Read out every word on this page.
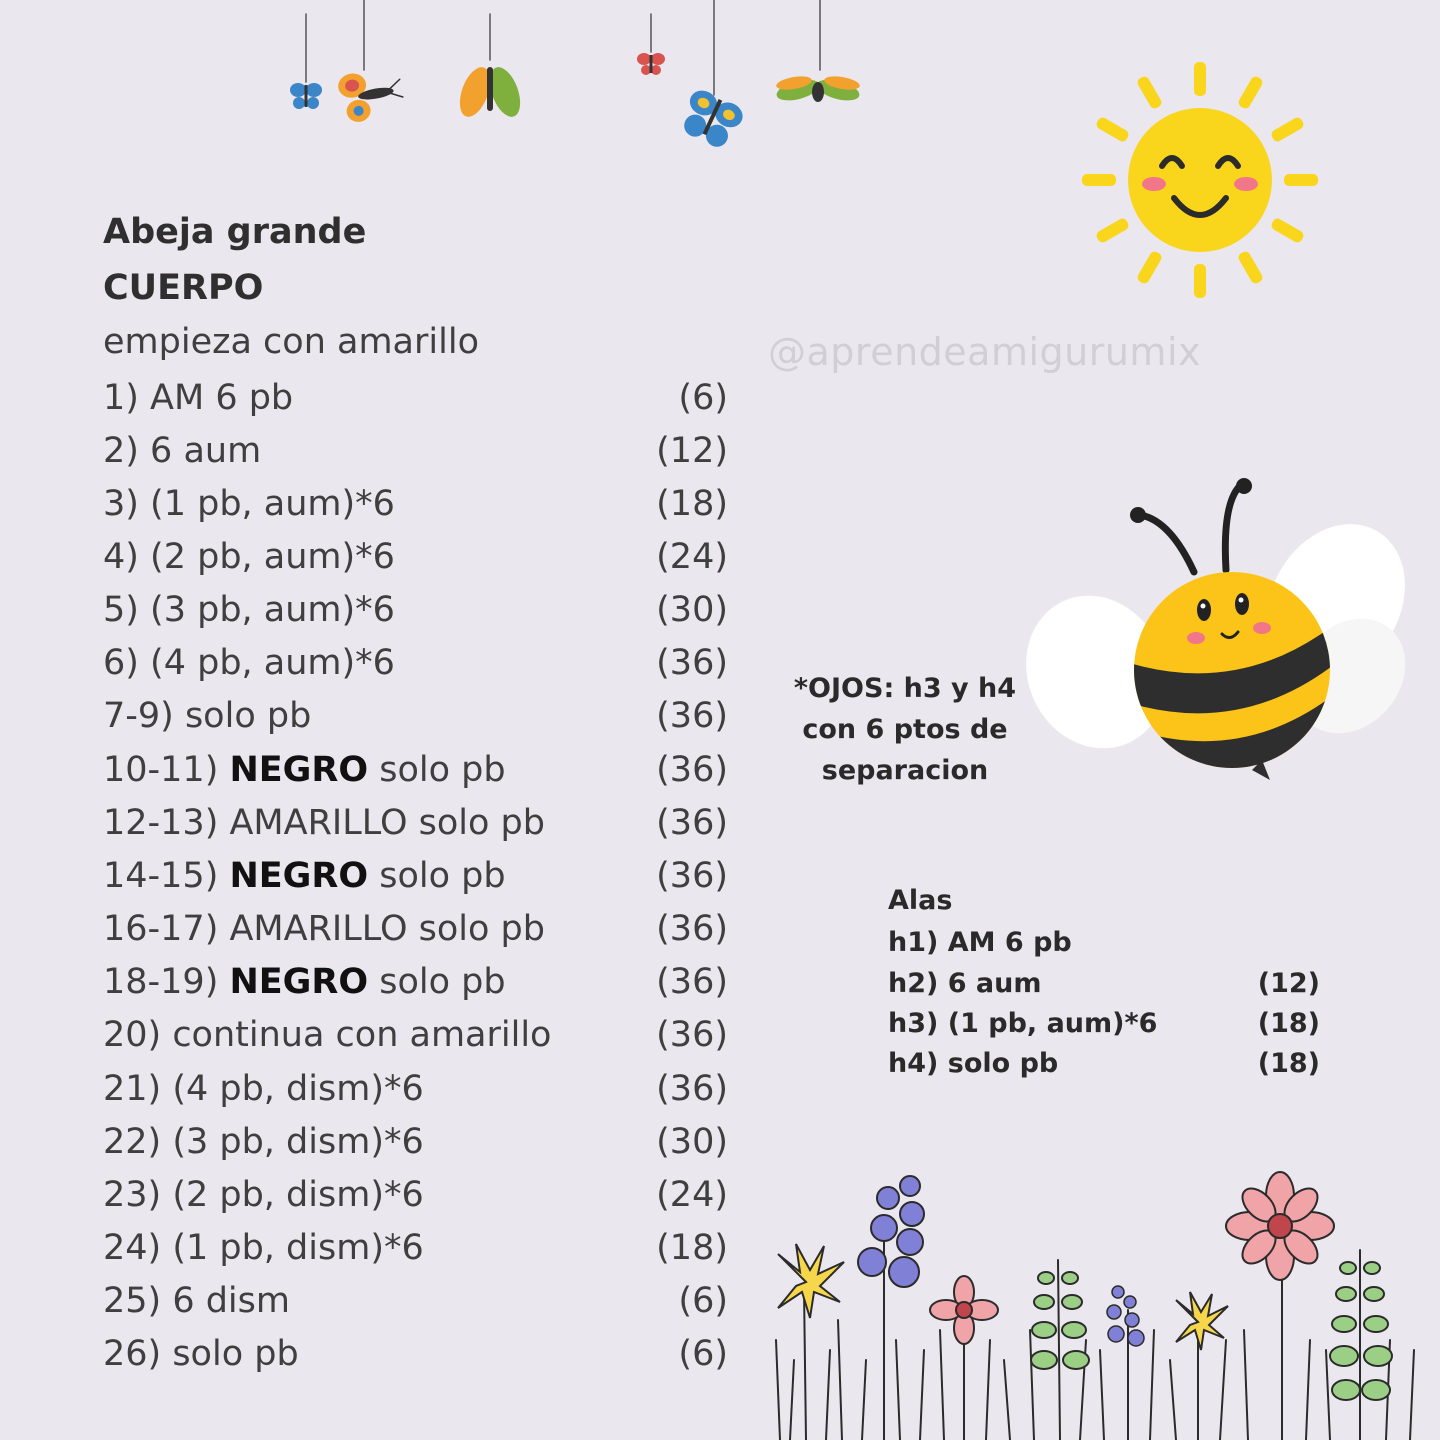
Abeja grande
CUERPO
empieza con amarillo
1) AM 6 pb	(6)
2) 6 aum	(12)
3) (1 pb, aum)*6	(18)
4) (2 pb, aum)*6	(24)
5) (3 pb, aum)*6	(30)
6) (4 pb, aum)*6	(36)
7-9) solo pb	(36)
10-11) NEGRO solo pb	(36)
12-13) AMARILLO solo pb	(36)
14-15) NEGRO solo pb	(36)
16-17) AMARILLO solo pb	(36)
18-19) NEGRO solo pb	(36)
20) continua con amarillo	(36)
21) (4 pb, dism)*6	(36)
22) (3 pb, dism)*6	(30)
23) (2 pb, dism)*6	(24)
24) (1 pb, dism)*6	(18)
25) 6 dism	(6)
26) solo pb	(6)
@aprendeamigurumix
*OJOS: h3 y h4
con 6 ptos de
separacion
Alas
h1) AM 6 pb
h2) 6 aum	(12)
h3) (1 pb, aum)*6	(18)
h4) solo pb	(18)
